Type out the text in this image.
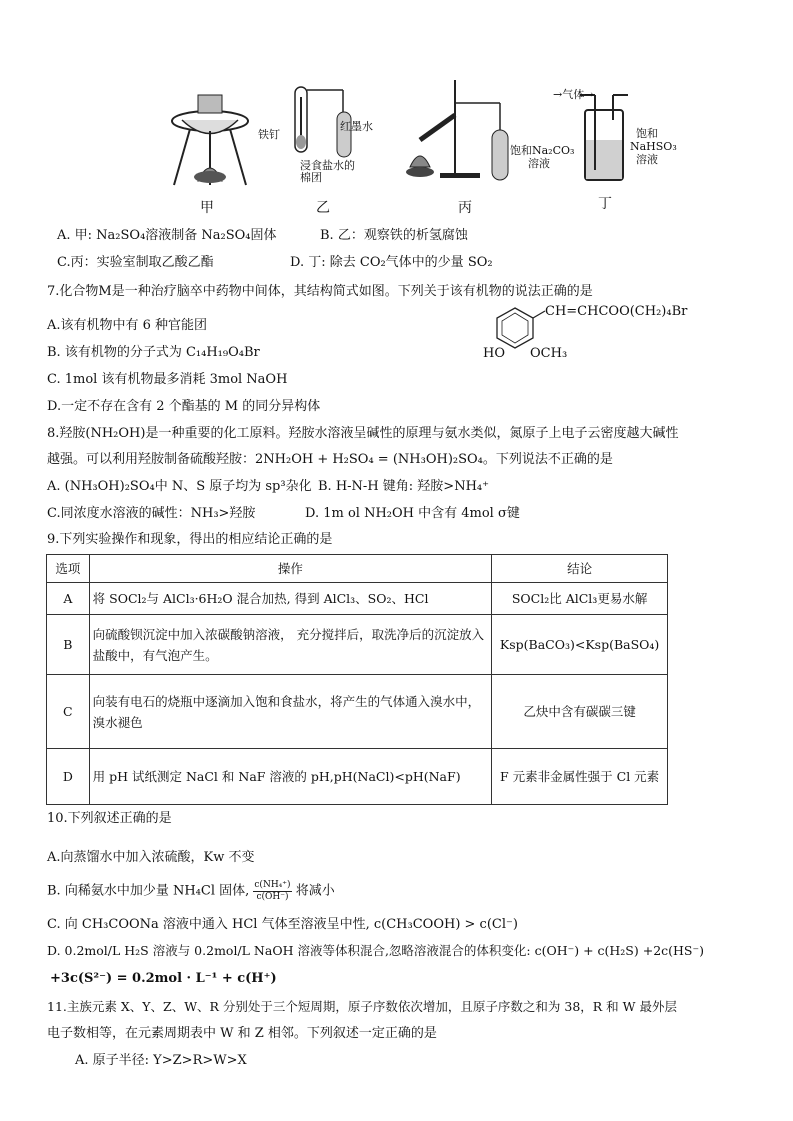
甲
铁钉
红墨水
浸食盐水的棉团
乙
饱和Na₂CO₃
溶液
丙
→气体→
饱和
NaHSO₃
溶液
丁
A. 甲: Na₂SO₄溶液制备 Na₂SO₄固体	B. 乙：观察铁的析氢腐蚀
C.丙：实验室制取乙酸乙酯	D. 丁: 除去 CO₂气体中的少量 SO₂
7.化合物M是一种治疗脑卒中药物中间体，其结构简式如图。下列关于该有机物的说法正确的是
A.该有机物中有 6 种官能团
B. 该有机物的分子式为 C₁₄H₁₉O₄Br
C. 1mol 该有机物最多消耗 3mol NaOH
D.一定不存在含有 2 个酯基的 M 的同分异构体
CH=CHCOO(CH₂)₄Br
HO OCH₃
8.羟胺(NH₂OH)是一种重要的化工原料。羟胺水溶液呈碱性的原理与氨水类似，氮原子上电子云密度越大碱性
越强。可以利用羟胺制备硫酸羟胺：2NH₂OH + H₂SO₄ = (NH₃OH)₂SO₄。下列说法不正确的是
A. (NH₃OH)₂SO₄中 N、S 原子均为 sp³杂化 B. H-N-H 键角: 羟胺>NH₄⁺
C.同浓度水溶液的碱性：NH₃>羟胺	D. 1m ol NH₂OH 中含有 4mol σ键
9.下列实验操作和现象，得出的相应结论正确的是
选项	操作	结论
A	将 SOCl₂与 AlCl₃·6H₂O 混合加热, 得到 AlCl₃、SO₂、HCl	SOCl₂比 AlCl₃更易水解
B	向硫酸钡沉淀中加入浓碳酸钠溶液， 充分搅拌后，取洗净后的沉淀放入盐酸中，有气泡产生。	Ksp(BaCO₃)<Ksp(BaSO₄)
C	向装有电石的烧瓶中逐滴加入饱和食盐水，将产生的气体通入溴水中，溴水褪色	乙炔中含有碳碳三键
D	用 pH 试纸测定 NaCl 和 NaF 溶液的 pH,pH(NaCl)<pH(NaF)	F 元素非金属性强于 Cl 元素
10.下列叙述正确的是
A.向蒸馏水中加入浓硫酸，Kw 不变
B. 向稀氨水中加少量 NH₄Cl 固体, $\frac{\text{c(NH₄⁺)}}{c(OH^-)}$ 将减小
C. 向 CH₃COONa 溶液中通入 HCl 气体至溶液呈中性, c(CH₃COOH) > c(Cl⁻)
D. 0.2mol/L H₂S 溶液与 0.2mol/L NaOH 溶液等体积混合,忽略溶液混合的体积变化: c(OH⁻) + c(H₂S) +2c(HS⁻)
+3c(S²⁻) = 0.2mol · L⁻¹ + c(H⁺)
11.主族元素 X、Y、Z、W、R 分别处于三个短周期，原子序数依次增加，且原子序数之和为 38，R 和 W 最外层
电子数相等，在元素周期表中 W 和 Z 相邻。下列叙述一定正确的是
A. 原子半径: Y>Z>R>W>X
